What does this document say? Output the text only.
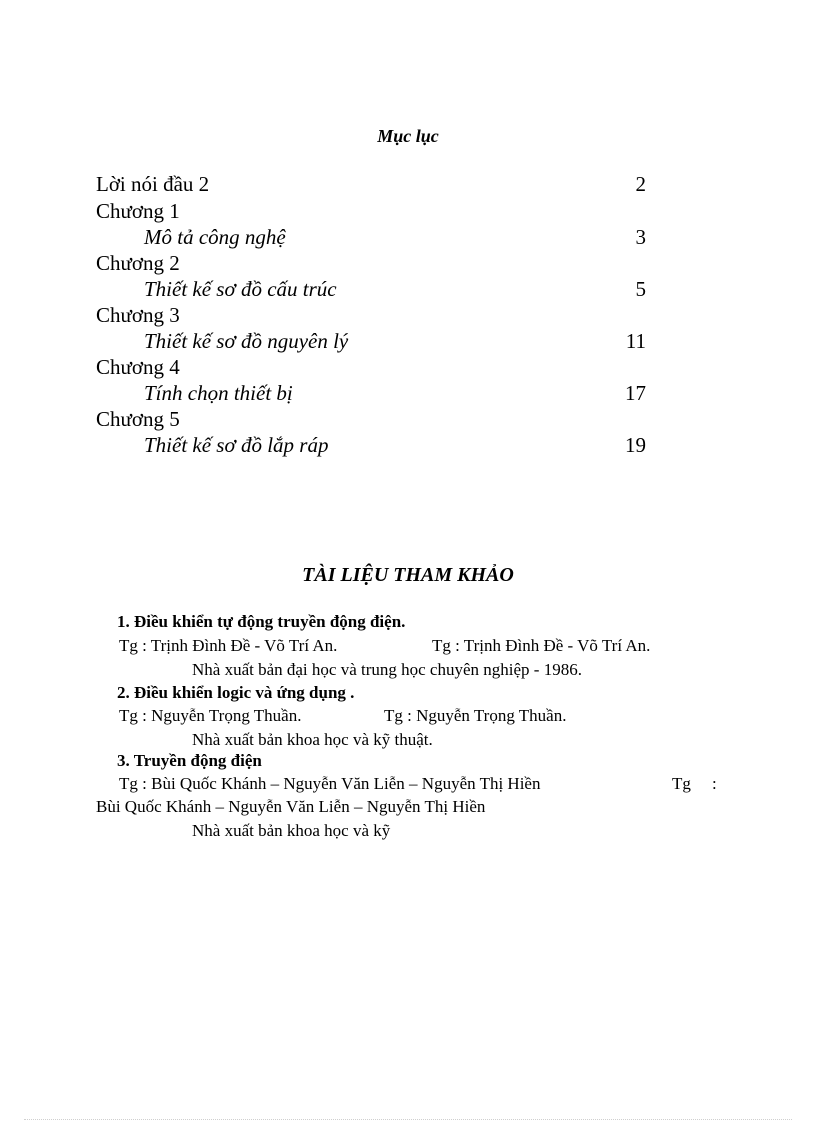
Mục lục
Lời nói đầu 2	2
Chương 1
Mô tả công nghệ	3
Chương 2
Thiết kế sơ đồ cấu trúc	5
Chương 3
Thiết kế sơ đồ nguyên lý	11
Chương 4
Tính chọn thiết bị	17
Chương 5
Thiết kế sơ đồ lắp ráp	19
TÀI LIỆU THAM KHẢO
1. Điều khiển tự động truyền động điện.
Tg : Trịnh Đình Đề - Võ Trí An.	Tg : Trịnh Đình Đề - Võ Trí An.
Nhà xuất bản đại học và trung học chuyên nghiệp - 1986.
2. Điều khiển logic và ứng dụng .
Tg : Nguyễn Trọng Thuần.	Tg : Nguyễn Trọng Thuần.
Nhà xuất bản khoa học và kỹ thuật.
3. Truyền động điện
Tg : Bùi Quốc Khánh – Nguyễn Văn Liễn – Nguyễn Thị Hiền	Tg :
Bùi Quốc Khánh – Nguyễn Văn Liễn – Nguyễn Thị Hiền
Nhà xuất bản khoa học và kỹ
